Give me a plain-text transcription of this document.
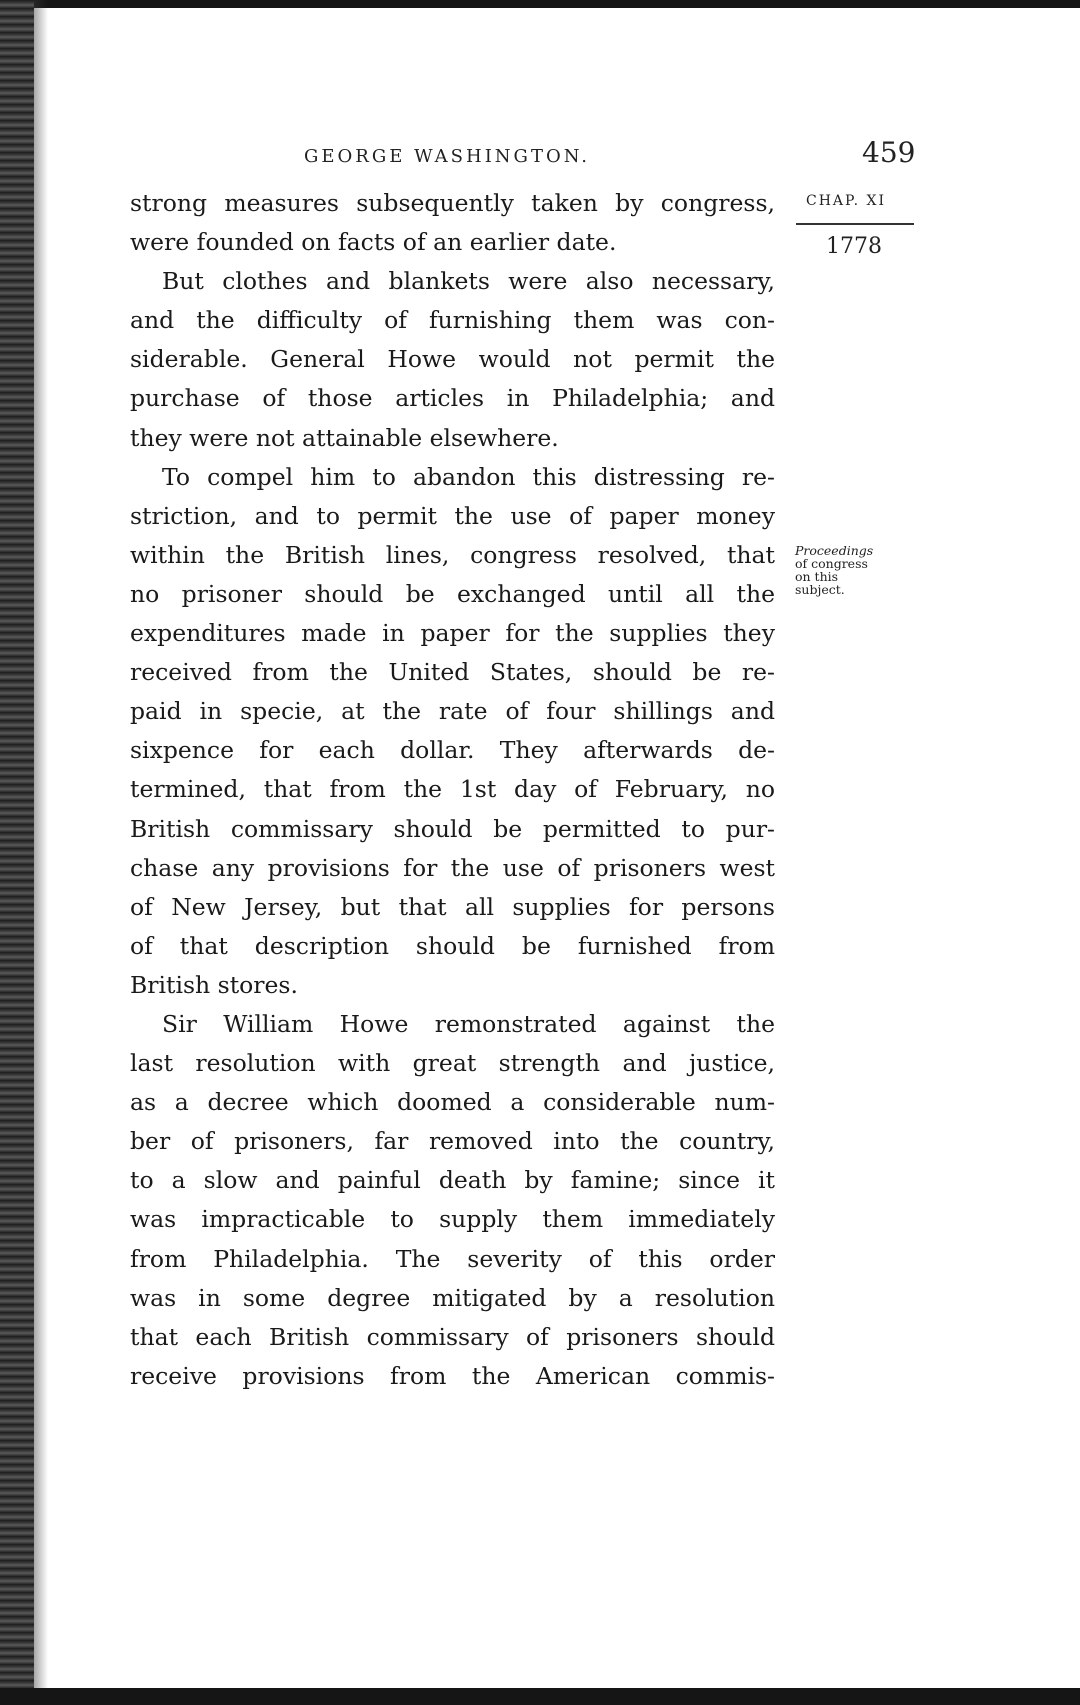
GEORGE WASHINGTON.	459
CHAP. XI
1778
Proceedings
of congress
on this
subject.
strong measures subsequently taken by congress,
were founded on facts of an earlier date.
But clothes and blankets were also necessary,
and the difficulty of furnishing them was con-
siderable. General Howe would not permit the
purchase of those articles in Philadelphia; and
they were not attainable elsewhere.
To compel him to abandon this distressing re-
striction, and to permit the use of paper money
within the British lines, congress resolved, that
no prisoner should be exchanged until all the
expenditures made in paper for the supplies they
received from the United States, should be re-
paid in specie, at the rate of four shillings and
sixpence for each dollar. They afterwards de-
termined, that from the 1st day of February, no
British commissary should be permitted to pur-
chase any provisions for the use of prisoners west
of New Jersey, but that all supplies for persons
of that description should be furnished from
British stores.
Sir William Howe remonstrated against the
last resolution with great strength and justice,
as a decree which doomed a considerable num-
ber of prisoners, far removed into the country,
to a slow and painful death by famine; since it
was impracticable to supply them immediately
from Philadelphia. The severity of this order
was in some degree mitigated by a resolution
that each British commissary of prisoners should
receive provisions from the American commis-
